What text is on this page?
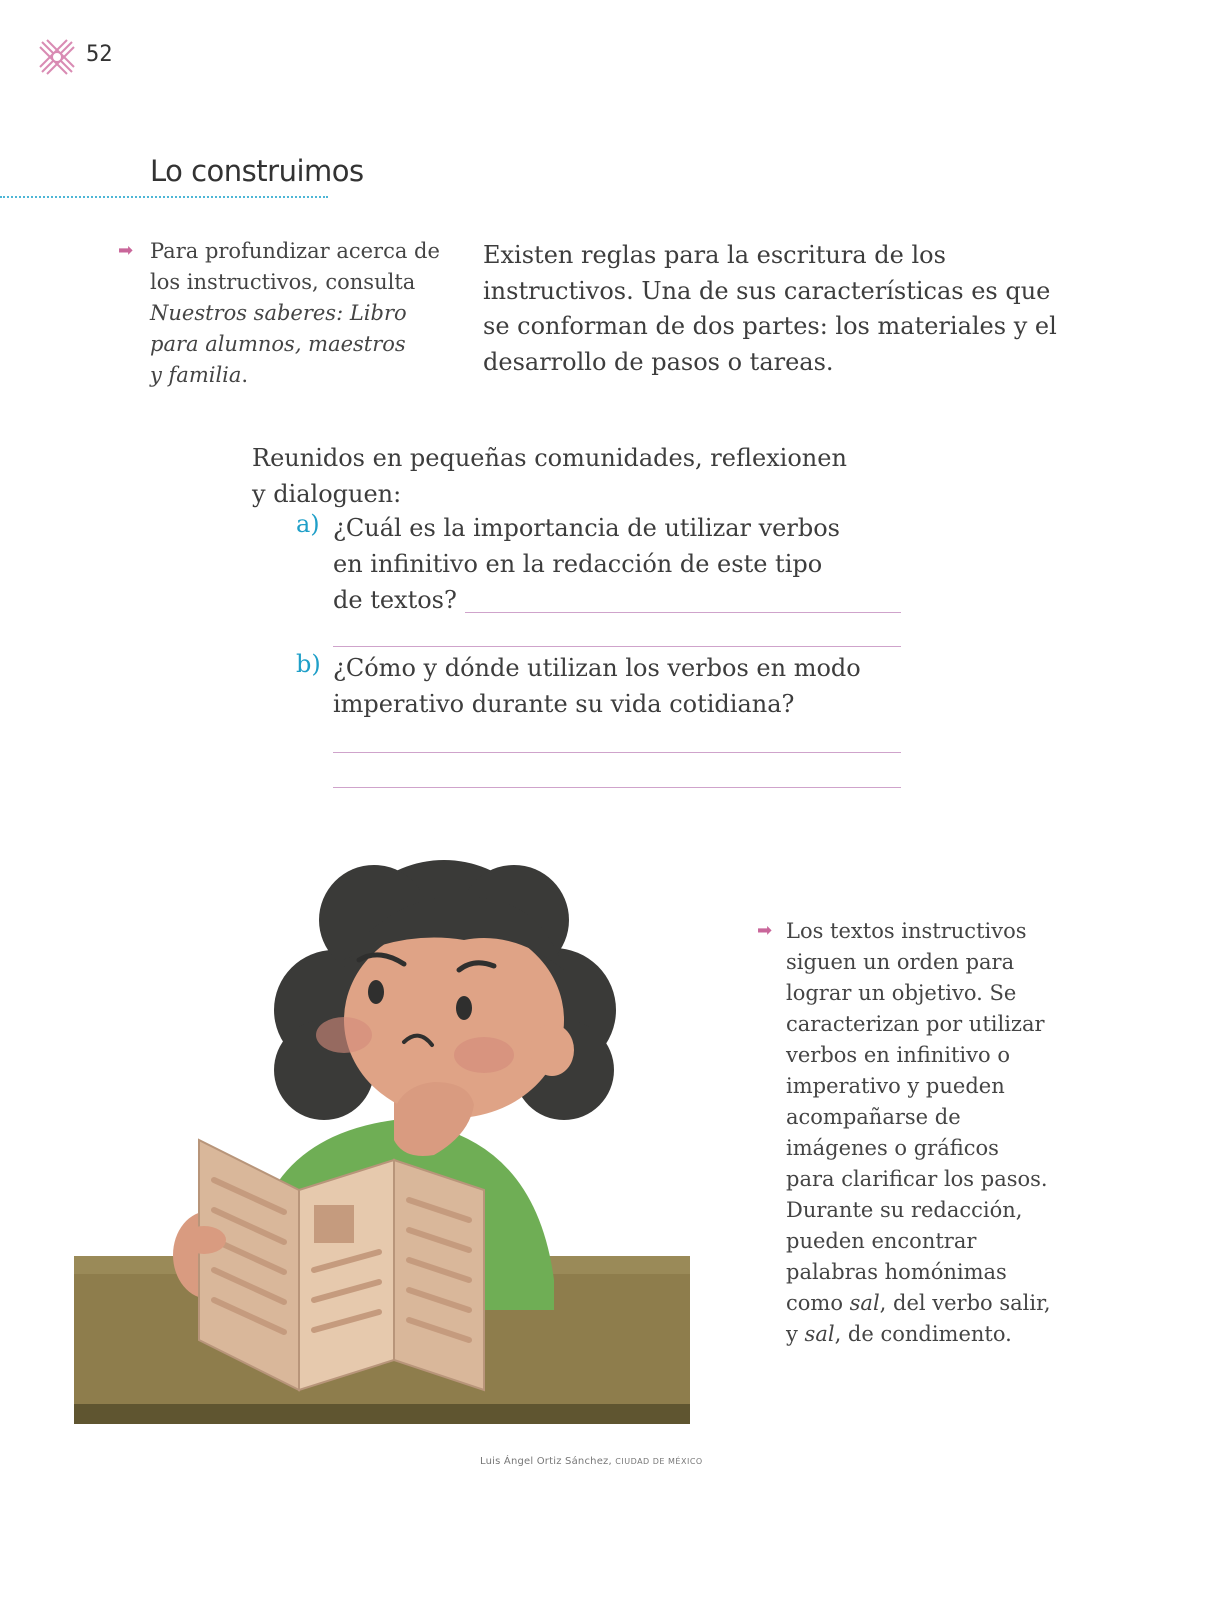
52
Lo construimos
➡ Para profundizar acerca de
los instructivos, consulta
Nuestros saberes: Libro
para alumnos, maestros
y familia.
Existen reglas para la escritura de los instructivos. Una de sus características es que se conforman de dos partes: los materiales y el desarrollo de pasos o tareas.
Reunidos en pequeñas comunidades, reflexionen
y dialoguen:
a) ¿Cuál es la importancia de utilizar verbos
en infinitivo en la redacción de este tipo
de textos?
b) ¿Cómo y dónde utilizan los verbos en modo
imperativo durante su vida cotidiana?
Luis Ángel Ortiz Sánchez, CIUDAD DE MÉXICO
➡ Los textos instructivos
siguen un orden para
lograr un objetivo. Se
caracterizan por utilizar
verbos en infinitivo o
imperativo y pueden
acompañarse de
imágenes o gráficos
para clarificar los pasos.
Durante su redacción,
pueden encontrar
palabras homónimas
como sal, del verbo salir,
y sal, de condimento.
